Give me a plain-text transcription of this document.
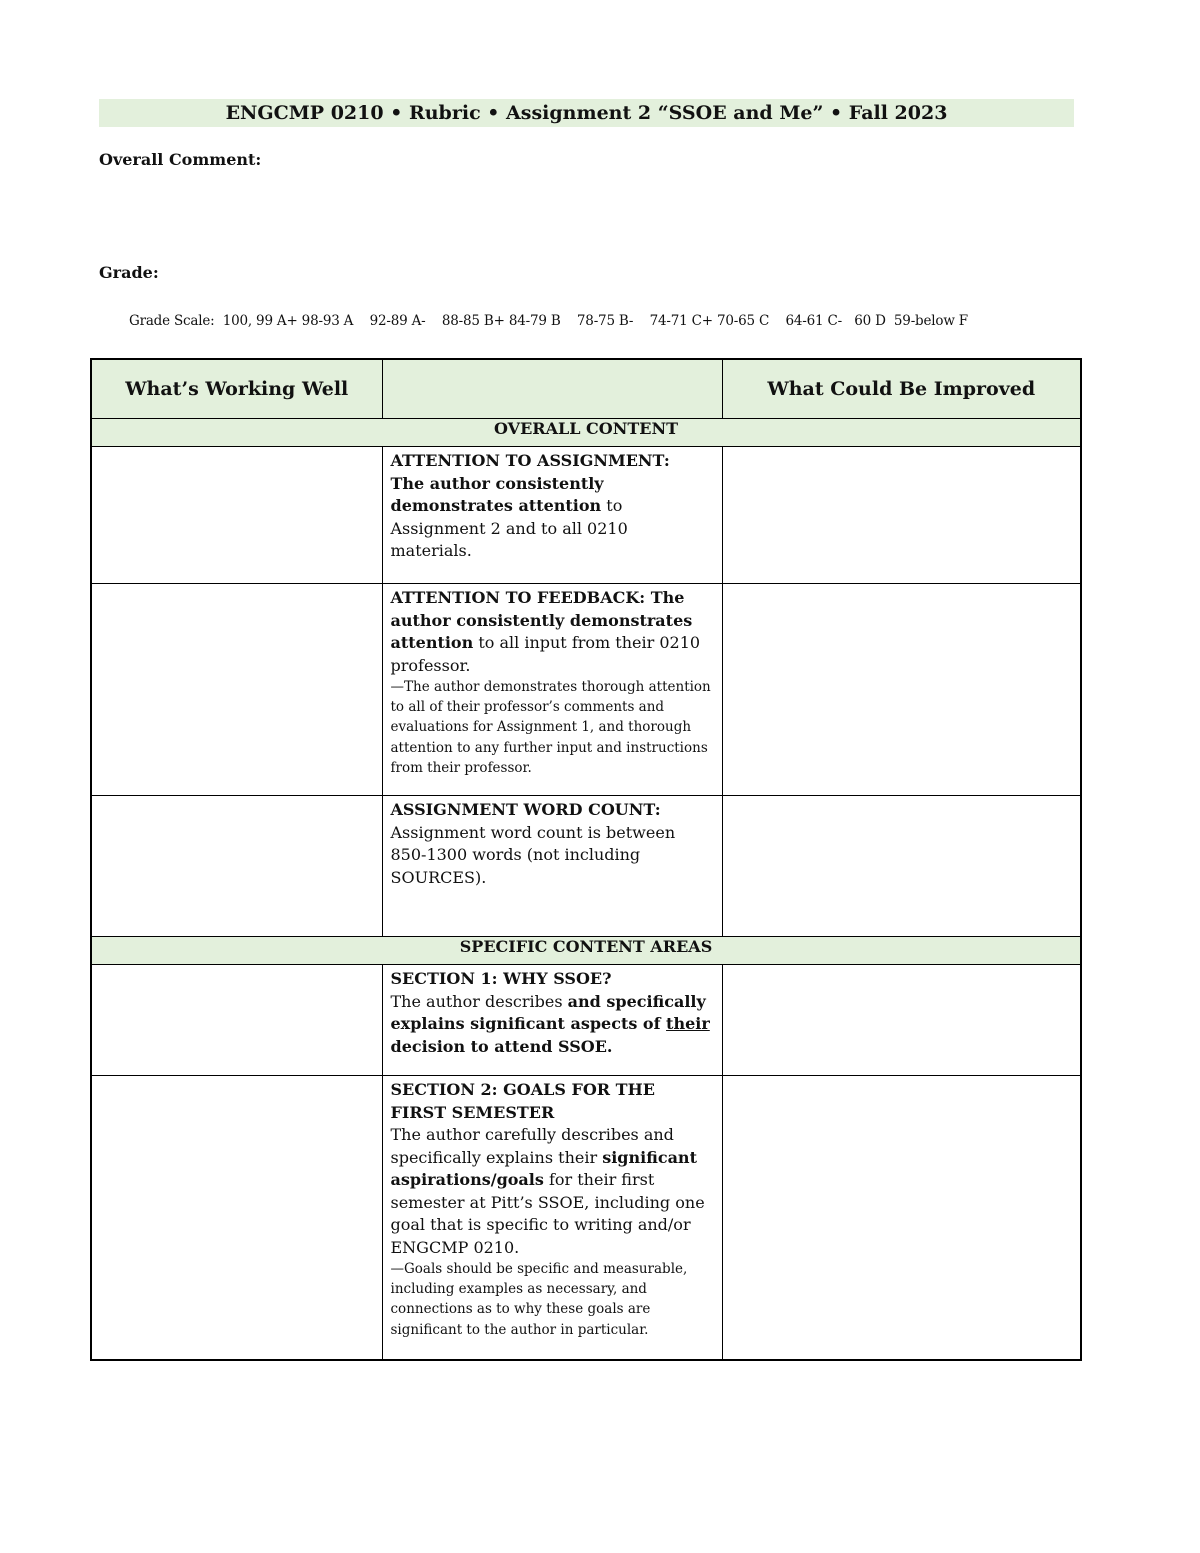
ENGCMP 0210 • Rubric • Assignment 2 “SSOE and Me” • Fall 2023
Overall Comment:
Grade:
Grade Scale:  100, 99 A+ 98-93 A    92-89 A-    88-85 B+ 84-79 B    78-75 B-    74-71 C+ 70-65 C    64-61 C-   60 D  59-below F
What’s Working Well		What Could Be Improved
OVERALL CONTENT		
	ATTENTION TO ASSIGNMENT:
The author consistently demonstrates attention to Assignment 2 and to all 0210 materials.	
	ATTENTION TO FEEDBACK: The author consistently demonstrates attention to all input from their 0210 professor.
—The author demonstrates thorough attention to all of their professor’s comments and evaluations for Assignment 1, and thorough attention to any further input and instructions from their professor.	

	ASSIGNMENT WORD COUNT:
Assignment word count is between 850-1300 words (not including SOURCES).	
SPECIFIC CONTENT AREAS		
	SECTION 1: WHY SSOE?
The author describes and specifically explains significant aspects of their decision to attend SSOE.	
	SECTION 2: GOALS FOR THE FIRST SEMESTER
The author carefully describes and specifically explains their significant aspirations/goals for their first semester at Pitt’s SSOE, including one goal that is specific to writing and/or ENGCMP 0210.
—Goals should be specific and measurable, including examples as necessary, and connections as to why these goals are significant to the author in particular.	
